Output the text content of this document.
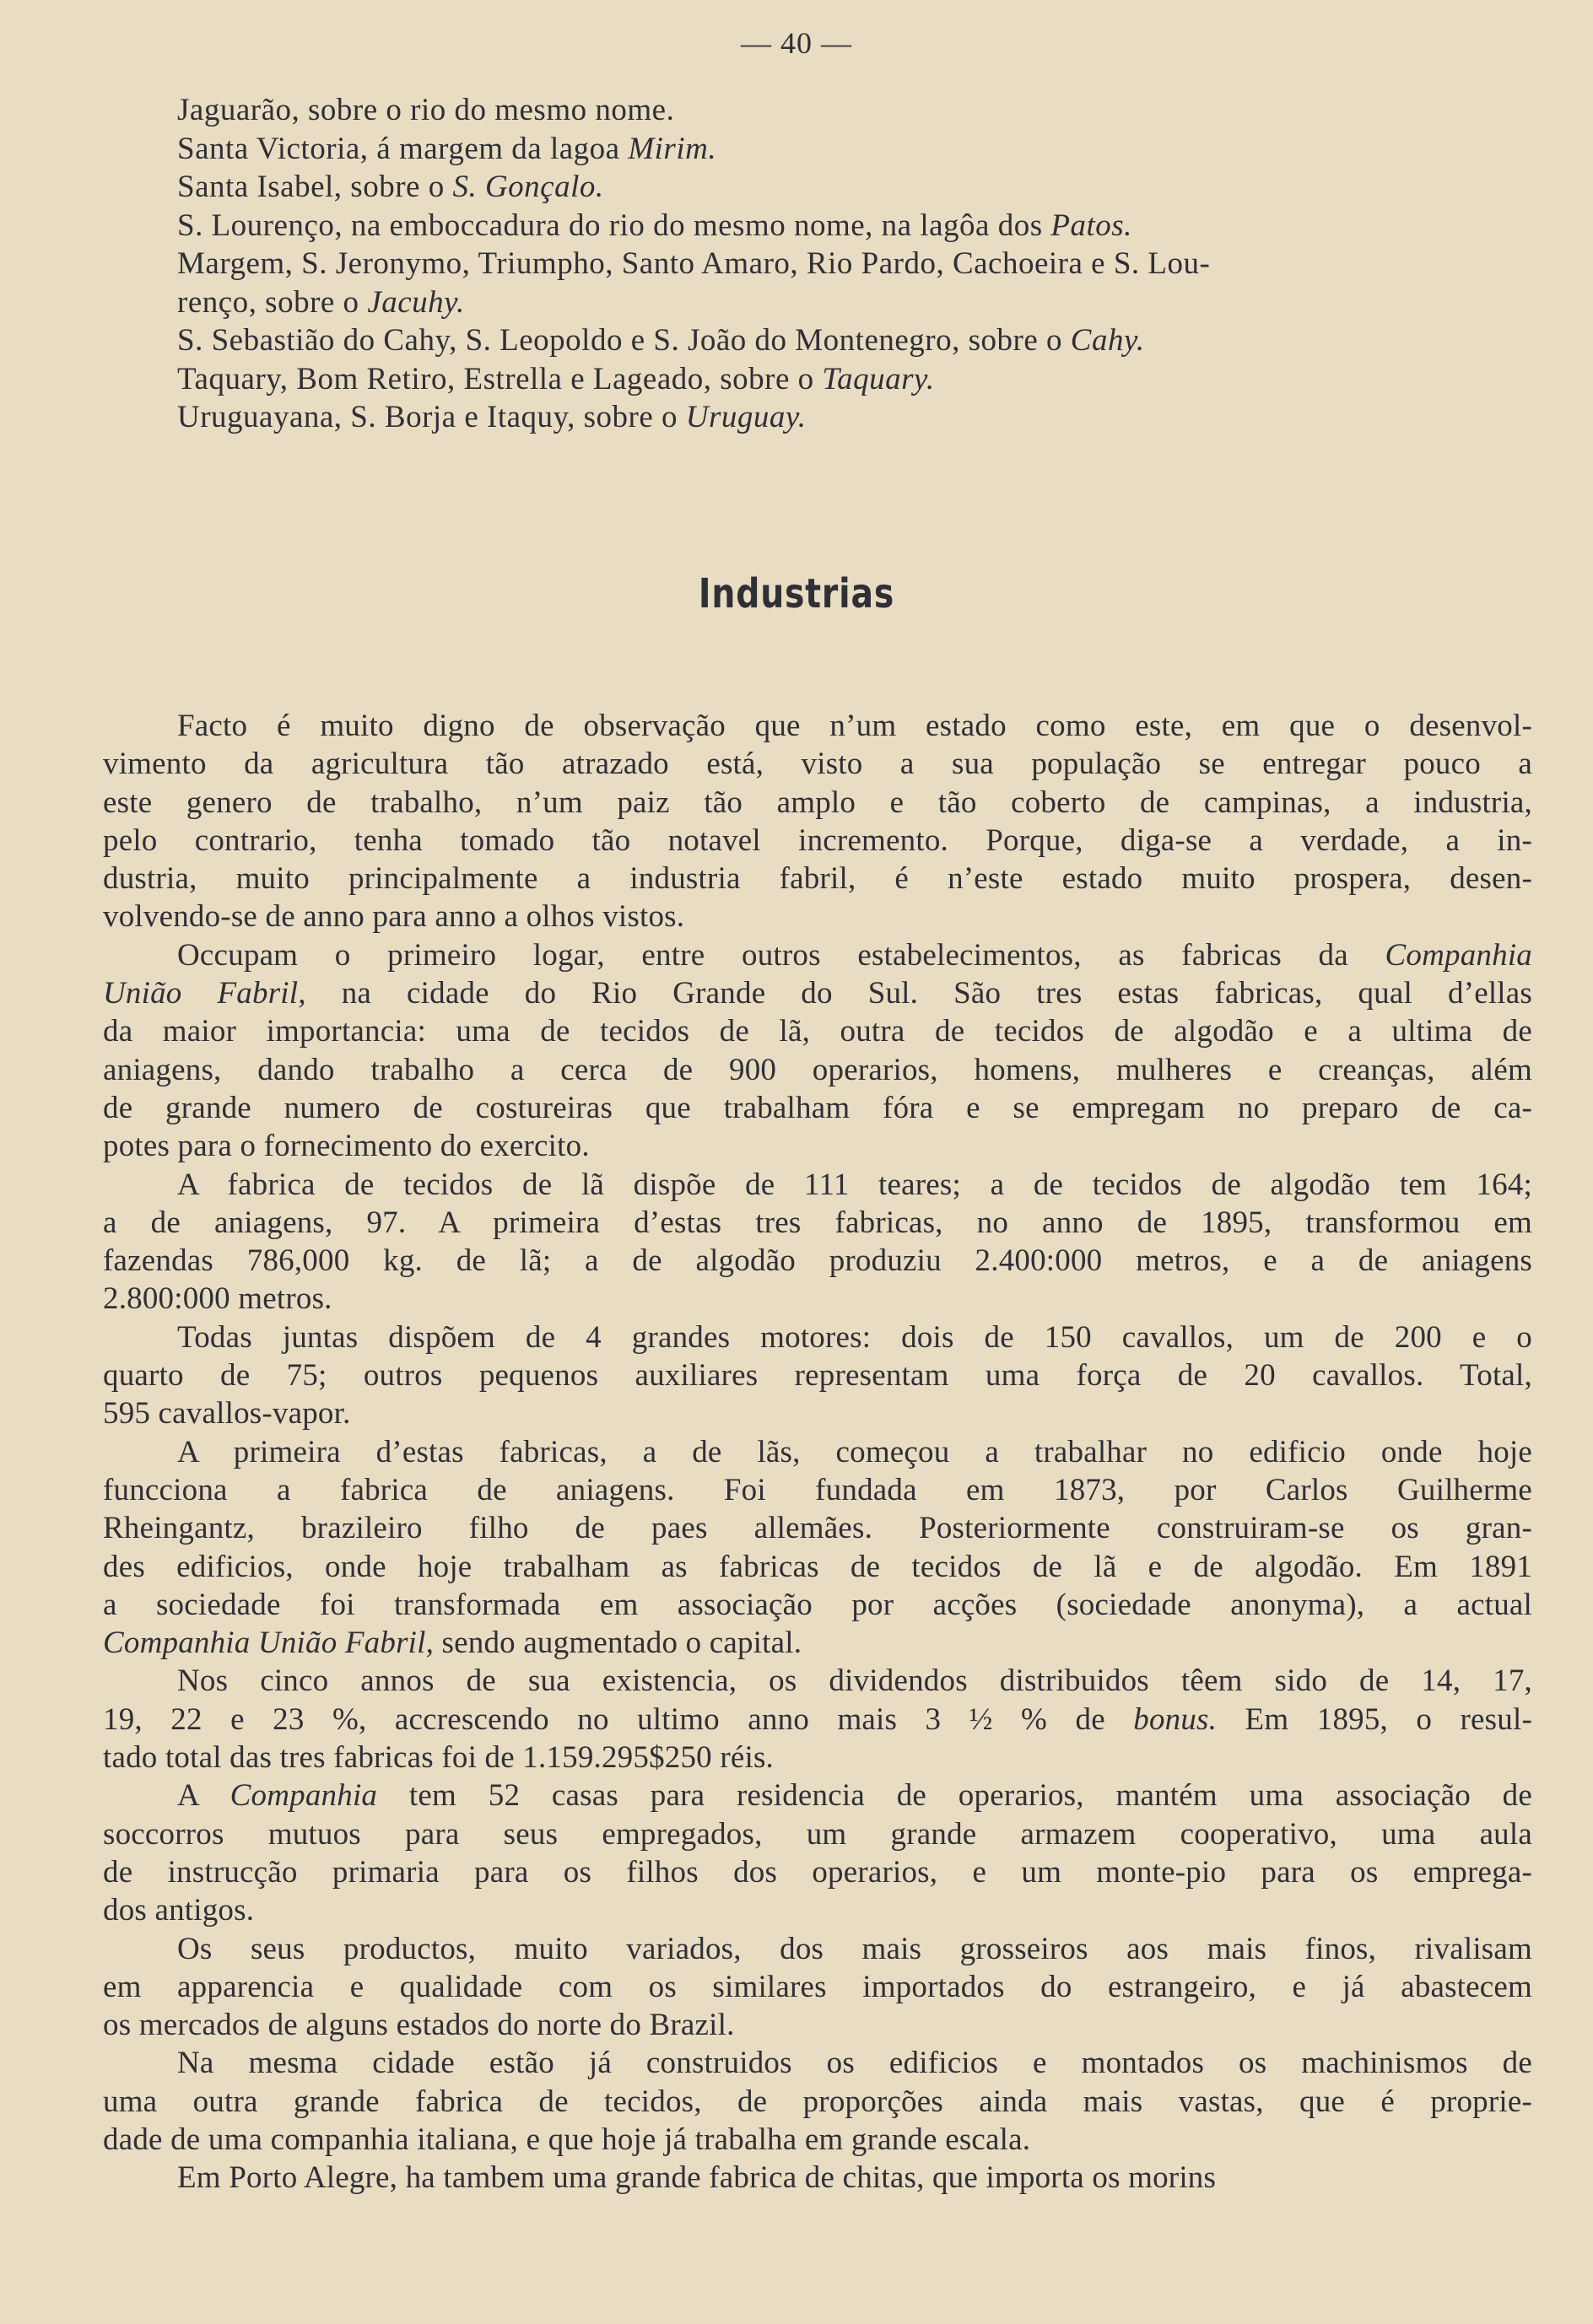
— 40 —

Jaguarão, sobre o rio do mesmo nome.

Santa Victoria, á margem da lagoa Mirim.

Santa Isabel, sobre o S. Gonçalo.

S. Lourenço, na emboccadura do rio do mesmo nome, na lagôa dos Patos.

Margem, S. Jeronymo, Triumpho, Santo Amaro, Rio Pardo, Cachoeira e S. Lou-

renço, sobre o Jacuhy.

S. Sebastião do Cahy, S. Leopoldo e S. João do Montenegro, sobre o Cahy.

Taquary, Bom Retiro, Estrella e Lageado, sobre o Taquary.

Uruguayana, S. Borja e Itaquy, sobre o Uruguay.

Industrias
Facto é muito digno de observação que n’um estado como este, em que o desenvol-
vimento da agricultura tão atrazado está, visto a sua população se entregar pouco a
este genero de trabalho, n’um paiz tão amplo e tão coberto de campinas, a industria,
pelo contrario, tenha tomado tão notavel incremento. Porque, diga-se a verdade, a in-
dustria, muito principalmente a industria fabril, é n’este estado muito prospera, desen-
volvendo-se de anno para anno a olhos vistos.
Occupam o primeiro logar, entre outros estabelecimentos, as fabricas da Companhia
União Fabril, na cidade do Rio Grande do Sul. São tres estas fabricas, qual d’ellas
da maior importancia: uma de tecidos de lã, outra de tecidos de algodão e a ultima de
aniagens, dando trabalho a cerca de 900 operarios, homens, mulheres e creanças, além
de grande numero de costureiras que trabalham fóra e se empregam no preparo de ca-
potes para o fornecimento do exercito.
A fabrica de tecidos de lã dispõe de 111 teares; a de tecidos de algodão tem 164;
a de aniagens, 97. A primeira d’estas tres fabricas, no anno de 1895, transformou em
fazendas 786,000 kg. de lã; a de algodão produziu 2.400:000 metros, e a de aniagens
2.800:000 metros.
Todas juntas dispõem de 4 grandes motores: dois de 150 cavallos, um de 200 e o
quarto de 75; outros pequenos auxiliares representam uma força de 20 cavallos. Total,
595 cavallos-vapor.
A primeira d’estas fabricas, a de lãs, começou a trabalhar no edificio onde hoje
funcciona a fabrica de aniagens. Foi fundada em 1873, por Carlos Guilherme
Rheingantz, brazileiro filho de paes allemães. Posteriormente construiram-se os gran-
des edificios, onde hoje trabalham as fabricas de tecidos de lã e de algodão. Em 1891
a sociedade foi transformada em associação por acções (sociedade anonyma), a actual
Companhia União Fabril, sendo augmentado o capital.
Nos cinco annos de sua existencia, os dividendos distribuidos têem sido de 14, 17,
19, 22 e 23 %, accrescendo no ultimo anno mais 3 ½ % de bonus. Em 1895, o resul-
tado total das tres fabricas foi de 1.159.295$250 réis.
A Companhia tem 52 casas para residencia de operarios, mantém uma associação de
soccorros mutuos para seus empregados, um grande armazem cooperativo, uma aula
de instrucção primaria para os filhos dos operarios, e um monte-pio para os emprega-
dos antigos.
Os seus productos, muito variados, dos mais grosseiros aos mais finos, rivalisam
em apparencia e qualidade com os similares importados do estrangeiro, e já abastecem
os mercados de alguns estados do norte do Brazil.
Na mesma cidade estão já construidos os edificios e montados os machinismos de
uma outra grande fabrica de tecidos, de proporções ainda mais vastas, que é proprie-
dade de uma companhia italiana, e que hoje já trabalha em grande escala.
Em Porto Alegre, ha tambem uma grande fabrica de chitas, que importa os morins
